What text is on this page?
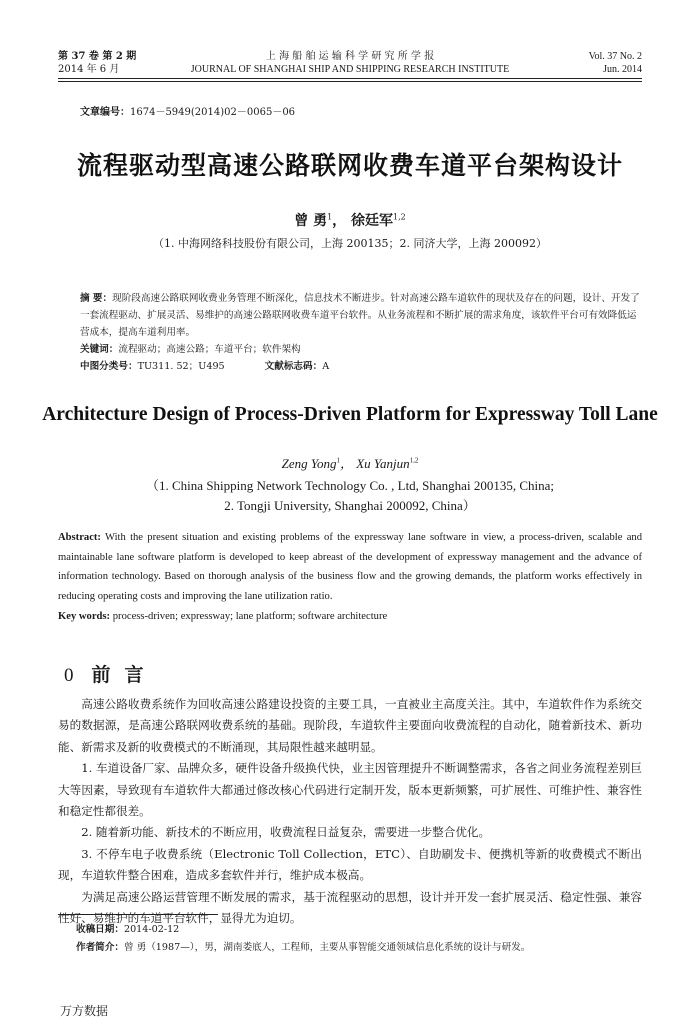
第 37 卷 第 2 期
2014 年 6 月
上 海 船 舶 运 输 科 学 研 究 所 学 报
JOURNAL OF SHANGHAI SHIP AND SHIPPING RESEARCH INSTITUTE
Vol. 37 No. 2
Jun. 2014
文章编号：1674－5949(2014)02－0065－06
流程驱动型高速公路联网收费车道平台架构设计
曾 勇$^1$， 徐廷军$^{1,2}$
（1. 中海网络科技股份有限公司，上海 200135；2. 同济大学，上海 200092）
摘 要：现阶段高速公路联网收费业务管理不断深化，信息技术不断进步。针对高速公路车道软件的现状及存在的问题，设计、开发了一套流程驱动、扩展灵活、易维护的高速公路联网收费车道平台软件。从业务流程和不断扩展的需求角度，该软件平台可有效降低运营成本，提高车道利用率。
关键词：流程驱动；高速公路；车道平台；软件架构
中图分类号：TU311. 52；U495	文献标志码：A
Architecture Design of Process-Driven Platform for Expressway Toll Lane
Zeng Yong$^1$， Xu Yanjun$^{1,2}$
（1. China Shipping Network Technology Co. , Ltd, Shanghai 200135, China;
2. Tongji University, Shanghai 200092, China）
Abstract: With the present situation and existing problems of the expressway lane software in view, a process-driven, scalable and maintainable lane software platform is developed to keep abreast of the development of expressway management and the advance of information technology. Based on thorough analysis of the business flow and the growing demands, the platform works effectively in reducing operating costs and improving the lane utilization ratio.
Key words: process-driven; expressway; lane platform; software architecture
0 前言

高速公路收费系统作为回收高速公路建设投资的主要工具，一直被业主高度关注。其中，车道软件作为系统交易的数据源，是高速公路联网收费系统的基础。现阶段，车道软件主要面向收费流程的自动化，随着新技术、新功能、新需求及新的收费模式的不断涌现，其局限性越来越明显。

1. 车道设备厂家、品牌众多，硬件设备升级换代快，业主因管理提升不断调整需求，各省之间业务流程差别巨大等因素，导致现有车道软件大都通过修改核心代码进行定制开发，版本更新频繁，可扩展性、可维护性、兼容性和稳定性都很差。

2. 随着新功能、新技术的不断应用，收费流程日益复杂，需要进一步整合优化。

3. 不停车电子收费系统（Electronic Toll Collection，ETC）、自助刷发卡、便携机等新的收费模式不断出现，车道软件整合困难，造成多套软件并行，维护成本极高。

为满足高速公路运营管理不断发展的需求，基于流程驱动的思想，设计并开发一套扩展灵活、稳定性强、兼容性好、易维护的车道平台软件，显得尤为迫切。

收稿日期：2014-02-12
作者简介：曾 勇（1987—），男，湖南娄底人，工程师，主要从事智能交通领域信息化系统的设计与研发。
万方数据
